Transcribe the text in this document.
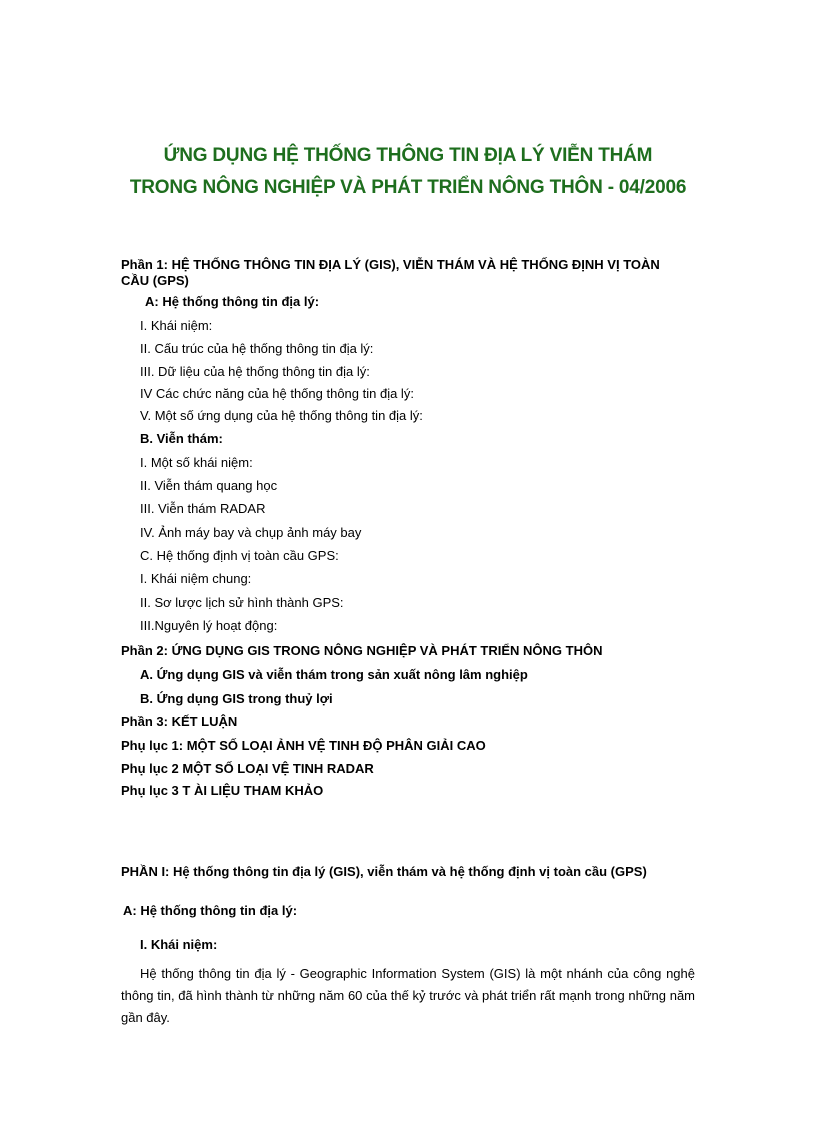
ỨNG DỤNG HỆ THỐNG THÔNG TIN ĐỊA LÝ VIỄN THÁM
TRONG NÔNG NGHIỆP VÀ PHÁT TRIỂN NÔNG THÔN - 04/2006
Phần 1: HỆ THỐNG THÔNG TIN ĐỊA LÝ (GIS), VIỄN THÁM VÀ HỆ THỐNG ĐỊNH VỊ TOÀN
CẦU (GPS)
A: Hệ thống thông tin địa lý:
I. Khái niệm:
II. Cấu trúc của hệ thống thông tin địa lý:
III. Dữ liệu của hệ thống thông tin địa lý:
IV Các chức năng của hệ thống thông tin địa lý:
V. Một số ứng dụng của hệ thống thông tin địa lý:
B. Viễn thám:
I. Một số khái niệm:
II. Viễn thám quang học
III. Viễn thám RADAR
IV. Ảnh máy bay và chụp ảnh máy bay
C. Hệ thống định vị toàn cầu GPS:
I. Khái niệm chung:
II. Sơ lược lịch sử hình thành GPS:
III.Nguyên lý hoạt động:
Phần 2: ỨNG DỤNG GIS TRONG NÔNG NGHIỆP VÀ PHÁT TRIỂN NÔNG THÔN
A. Ứng dụng GIS và viễn thám trong sản xuất nông lâm nghiệp
B. Ứng dụng GIS trong thuỷ lợi
Phần 3: KẾT LUẬN
Phụ lục 1: MỘT SỐ LOẠI ẢNH VỆ TINH ĐỘ PHÂN GIẢI CAO
Phụ lục 2 MỘT SỐ LOẠI VỆ TINH RADAR
Phụ lục 3 T ÀI LIỆU THAM KHẢO
PHẦN I: Hệ thống thông tin địa lý (GIS), viễn thám và hệ thống định vị toàn cầu (GPS)
A: Hệ thống thông tin địa lý:
I. Khái niệm:
Hệ thống thông tin địa lý - Geographic Information System (GIS) là một nhánh của công nghệ thông tin, đã hình thành từ những năm 60 của thế kỷ trước và phát triển rất mạnh trong những năm gần đây.
